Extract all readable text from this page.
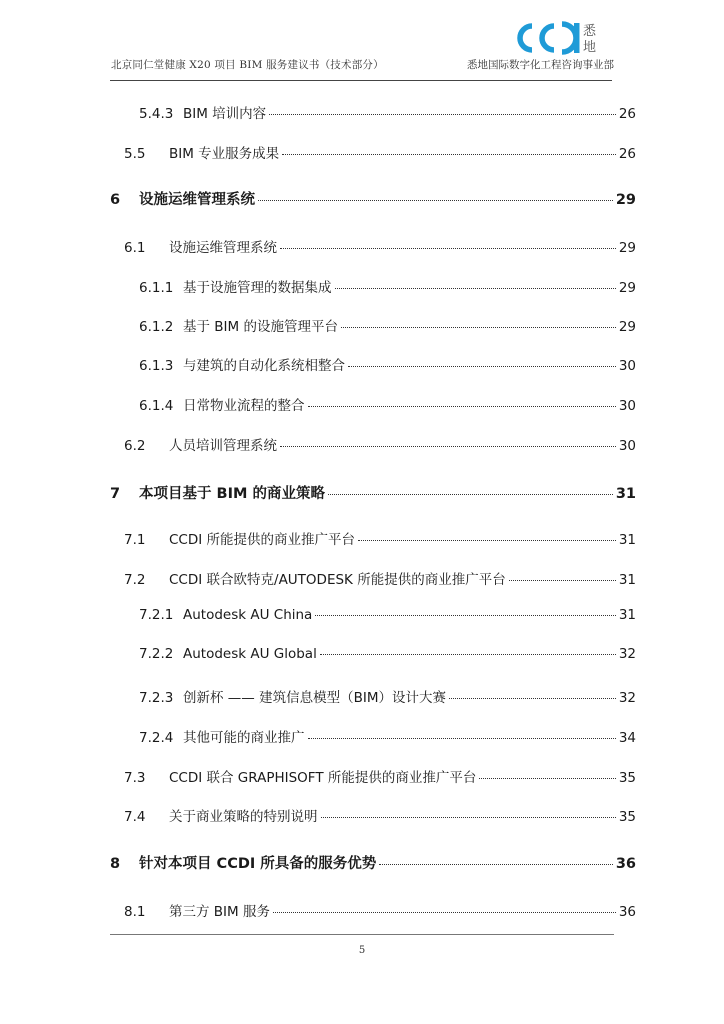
悉
地
北京同仁堂健康 X20 项目 BIM 服务建议书（技术部分）	悉地国际数字化工程咨询事业部
5.4.3 BIM 培训内容	26
5.5	BIM 专业服务成果	26
6	设施运维管理系统	29
6.1	设施运维管理系统	29
6.1.1 基于设施管理的数据集成	29
6.1.2 基于 BIM 的设施管理平台	29
6.1.3 与建筑的自动化系统相整合	30
6.1.4 日常物业流程的整合	30
6.2	人员培训管理系统	30
7	本项目基于 BIM 的商业策略	31
7.1	CCDI 所能提供的商业推广平台	31
7.2	CCDI 联合欧特克/AUTODESK 所能提供的商业推广平台	31
7.2.1 Autodesk AU China	31
7.2.2 Autodesk AU Global	32
7.2.3 创新杯 —— 建筑信息模型（BIM）设计大赛	32
7.2.4 其他可能的商业推广	34
7.3	CCDI 联合 GRAPHISOFT 所能提供的商业推广平台	35
7.4	关于商业策略的特别说明	35
8	针对本项目 CCDI 所具备的服务优势	36
8.1	第三方 BIM 服务	36
5
